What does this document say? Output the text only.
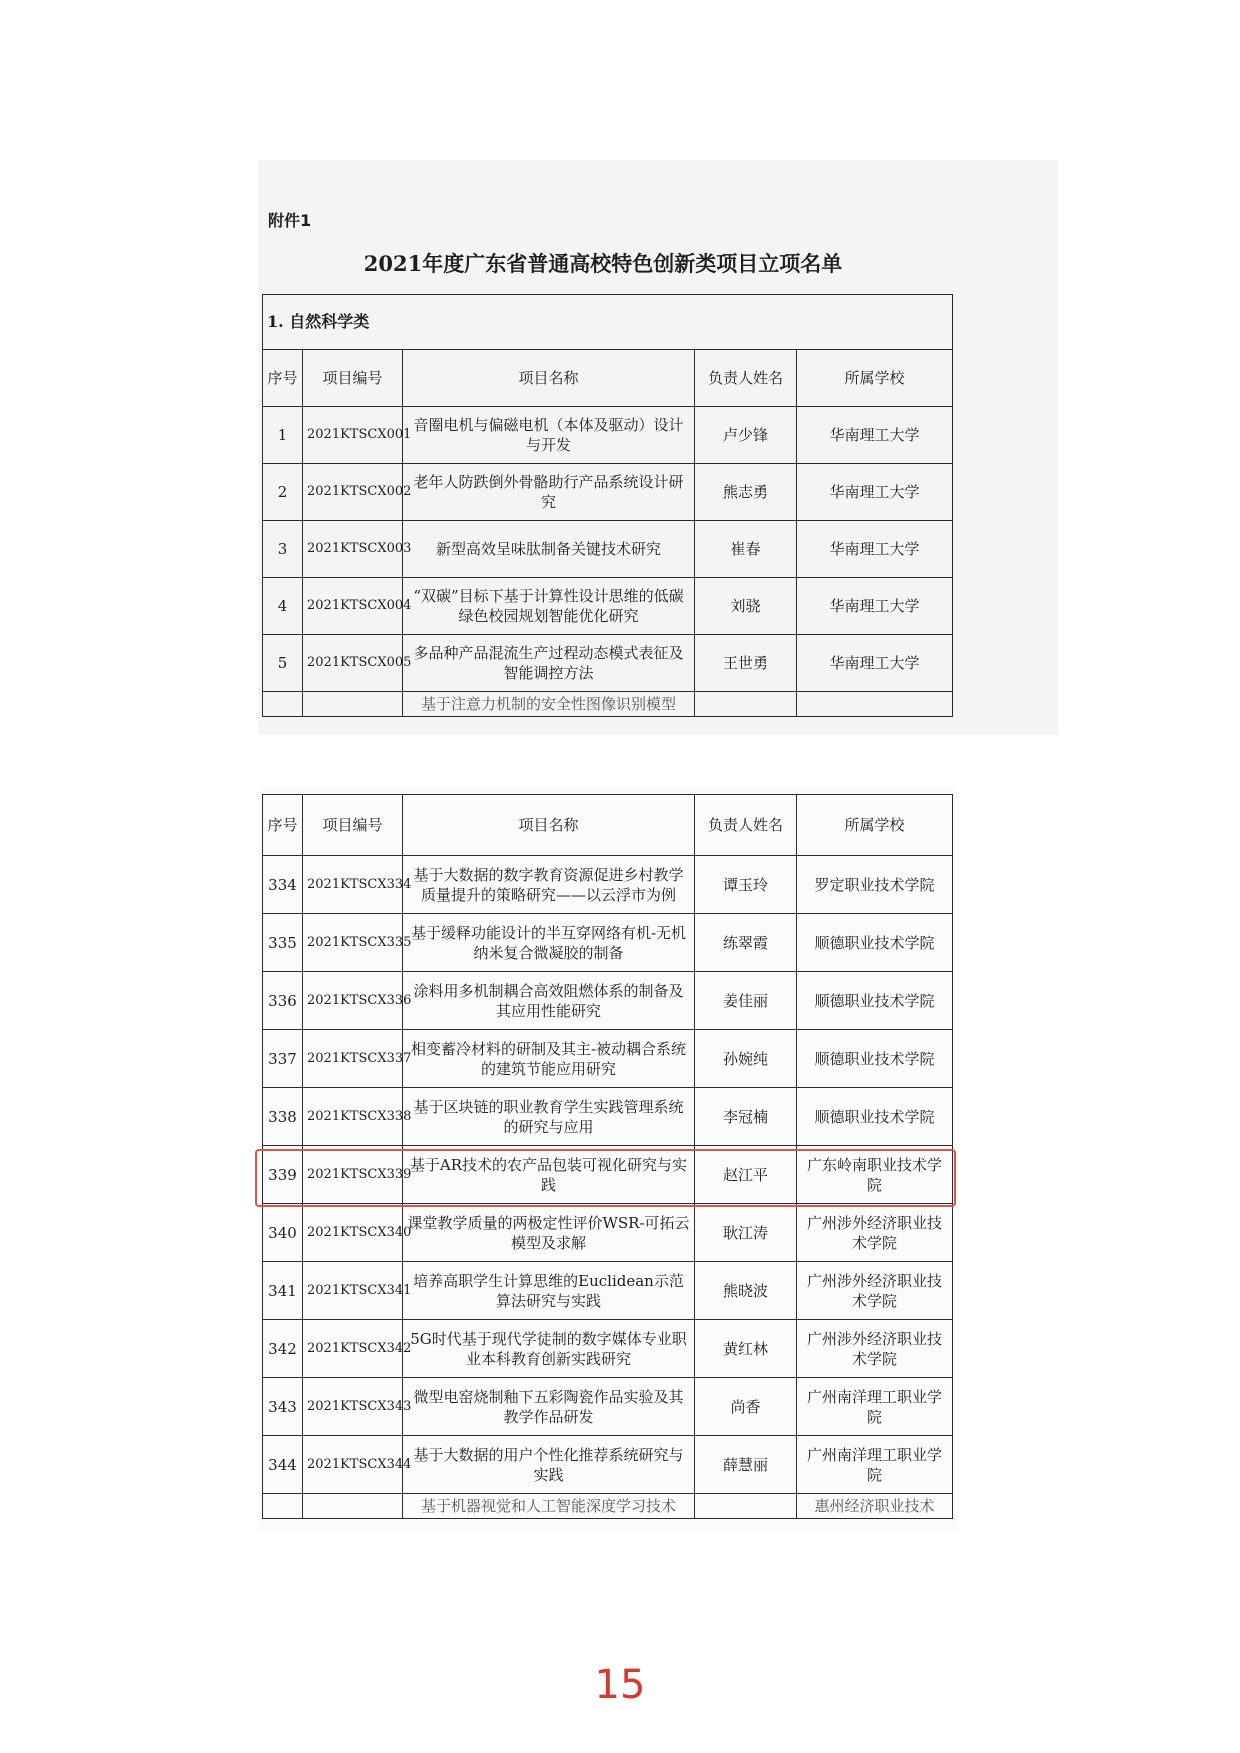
附件1
2021年度广东省普通高校特色创新类项目立项名单
1. 自然科学类				
序号	项目编号	项目名称	负责人姓名	所属学校
1	2021KTSCX001	音圈电机与偏磁电机（本体及驱动）设计与开发	卢少锋	华南理工大学
2	2021KTSCX002	老年人防跌倒外骨骼助行产品系统设计研究	熊志勇	华南理工大学
3	2021KTSCX003	新型高效呈味肽制备关键技术研究	崔春	华南理工大学
4	2021KTSCX004	“双碳”目标下基于计算性设计思维的低碳绿色校园规划智能优化研究	刘骁	华南理工大学
5	2021KTSCX005	多品种产品混流生产过程动态模式表征及智能调控方法	王世勇	华南理工大学
		基于注意力机制的安全性图像识别模型		
序号	项目编号	项目名称	负责人姓名	所属学校
334	2021KTSCX334	基于大数据的数字教育资源促进乡村教学质量提升的策略研究——以云浮市为例	谭玉玲	罗定职业技术学院
335	2021KTSCX335	基于缓释功能设计的半互穿网络有机-无机纳米复合微凝胶的制备	练翠霞	顺德职业技术学院
336	2021KTSCX336	涂料用多机制耦合高效阻燃体系的制备及其应用性能研究	姜佳丽	顺德职业技术学院
337	2021KTSCX337	相变蓄冷材料的研制及其主-被动耦合系统的建筑节能应用研究	孙婉纯	顺德职业技术学院
338	2021KTSCX338	基于区块链的职业教育学生实践管理系统的研究与应用	李冠楠	顺德职业技术学院
339	2021KTSCX339	基于AR技术的农产品包装可视化研究与实践	赵江平	广东岭南职业技术学院
340	2021KTSCX340	课堂教学质量的两极定性评价WSR-可拓云模型及求解	耿江涛	广州涉外经济职业技术学院
341	2021KTSCX341	培养高职学生计算思维的Euclidean示范算法研究与实践	熊晓波	广州涉外经济职业技术学院
342	2021KTSCX342	5G时代基于现代学徒制的数字媒体专业职业本科教育创新实践研究	黄红林	广州涉外经济职业技术学院
343	2021KTSCX343	微型电窑烧制釉下五彩陶瓷作品实验及其教学作品研发	尚香	广州南洋理工职业学院
344	2021KTSCX344	基于大数据的用户个性化推荐系统研究与实践	薛慧丽	广州南洋理工职业学院
		基于机器视觉和人工智能深度学习技术		惠州经济职业技术
15
